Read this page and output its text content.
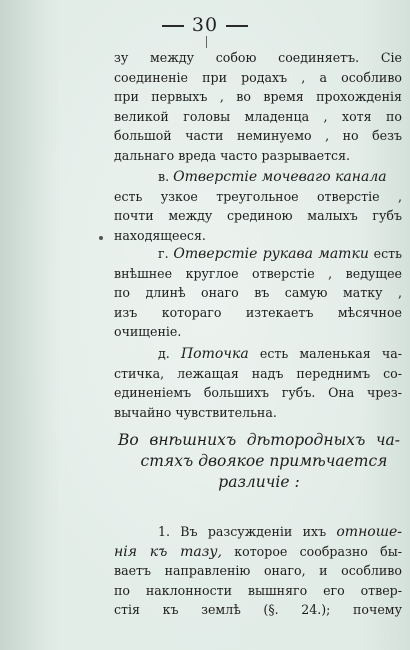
30
зу между собою соединяетъ. Сіе
соединеніе при родахъ , а особливо
при первыхъ , во время прохожденія
великой головы младенца , хотя по
большой части неминуемо , но безъ
дальнаго вреда часто разрывается.
в. Отверстіе мочеваго канала
есть узкое треугольное отверстіе ,
почти между срединою малыхъ губъ
находящееся.
г. Отверстіе рукава матки есть
внѣшнее круглое отверстіе , ведущее
по длинѣ онаго въ самую матку ,
изъ котораго изтекаетъ мѣсячное
очищеніе.
д. Поточка есть маленькая ча-
стичка, лежащая надъ переднимъ со-
единеніемъ большихъ губъ. Она чрез-
вычайно чувствительна.
Во внѣшнихъ дѣтородныхъ ча-
стяхъ двоякое примѣчается
различіе :
1. Въ разсужденіи ихъ отноше-
нія къ тазу, которое сообразно бы-
ваетъ направленію онаго, и особливо
по наклонности вышняго его отвер-
стія къ землѣ (§. 24.); почему
